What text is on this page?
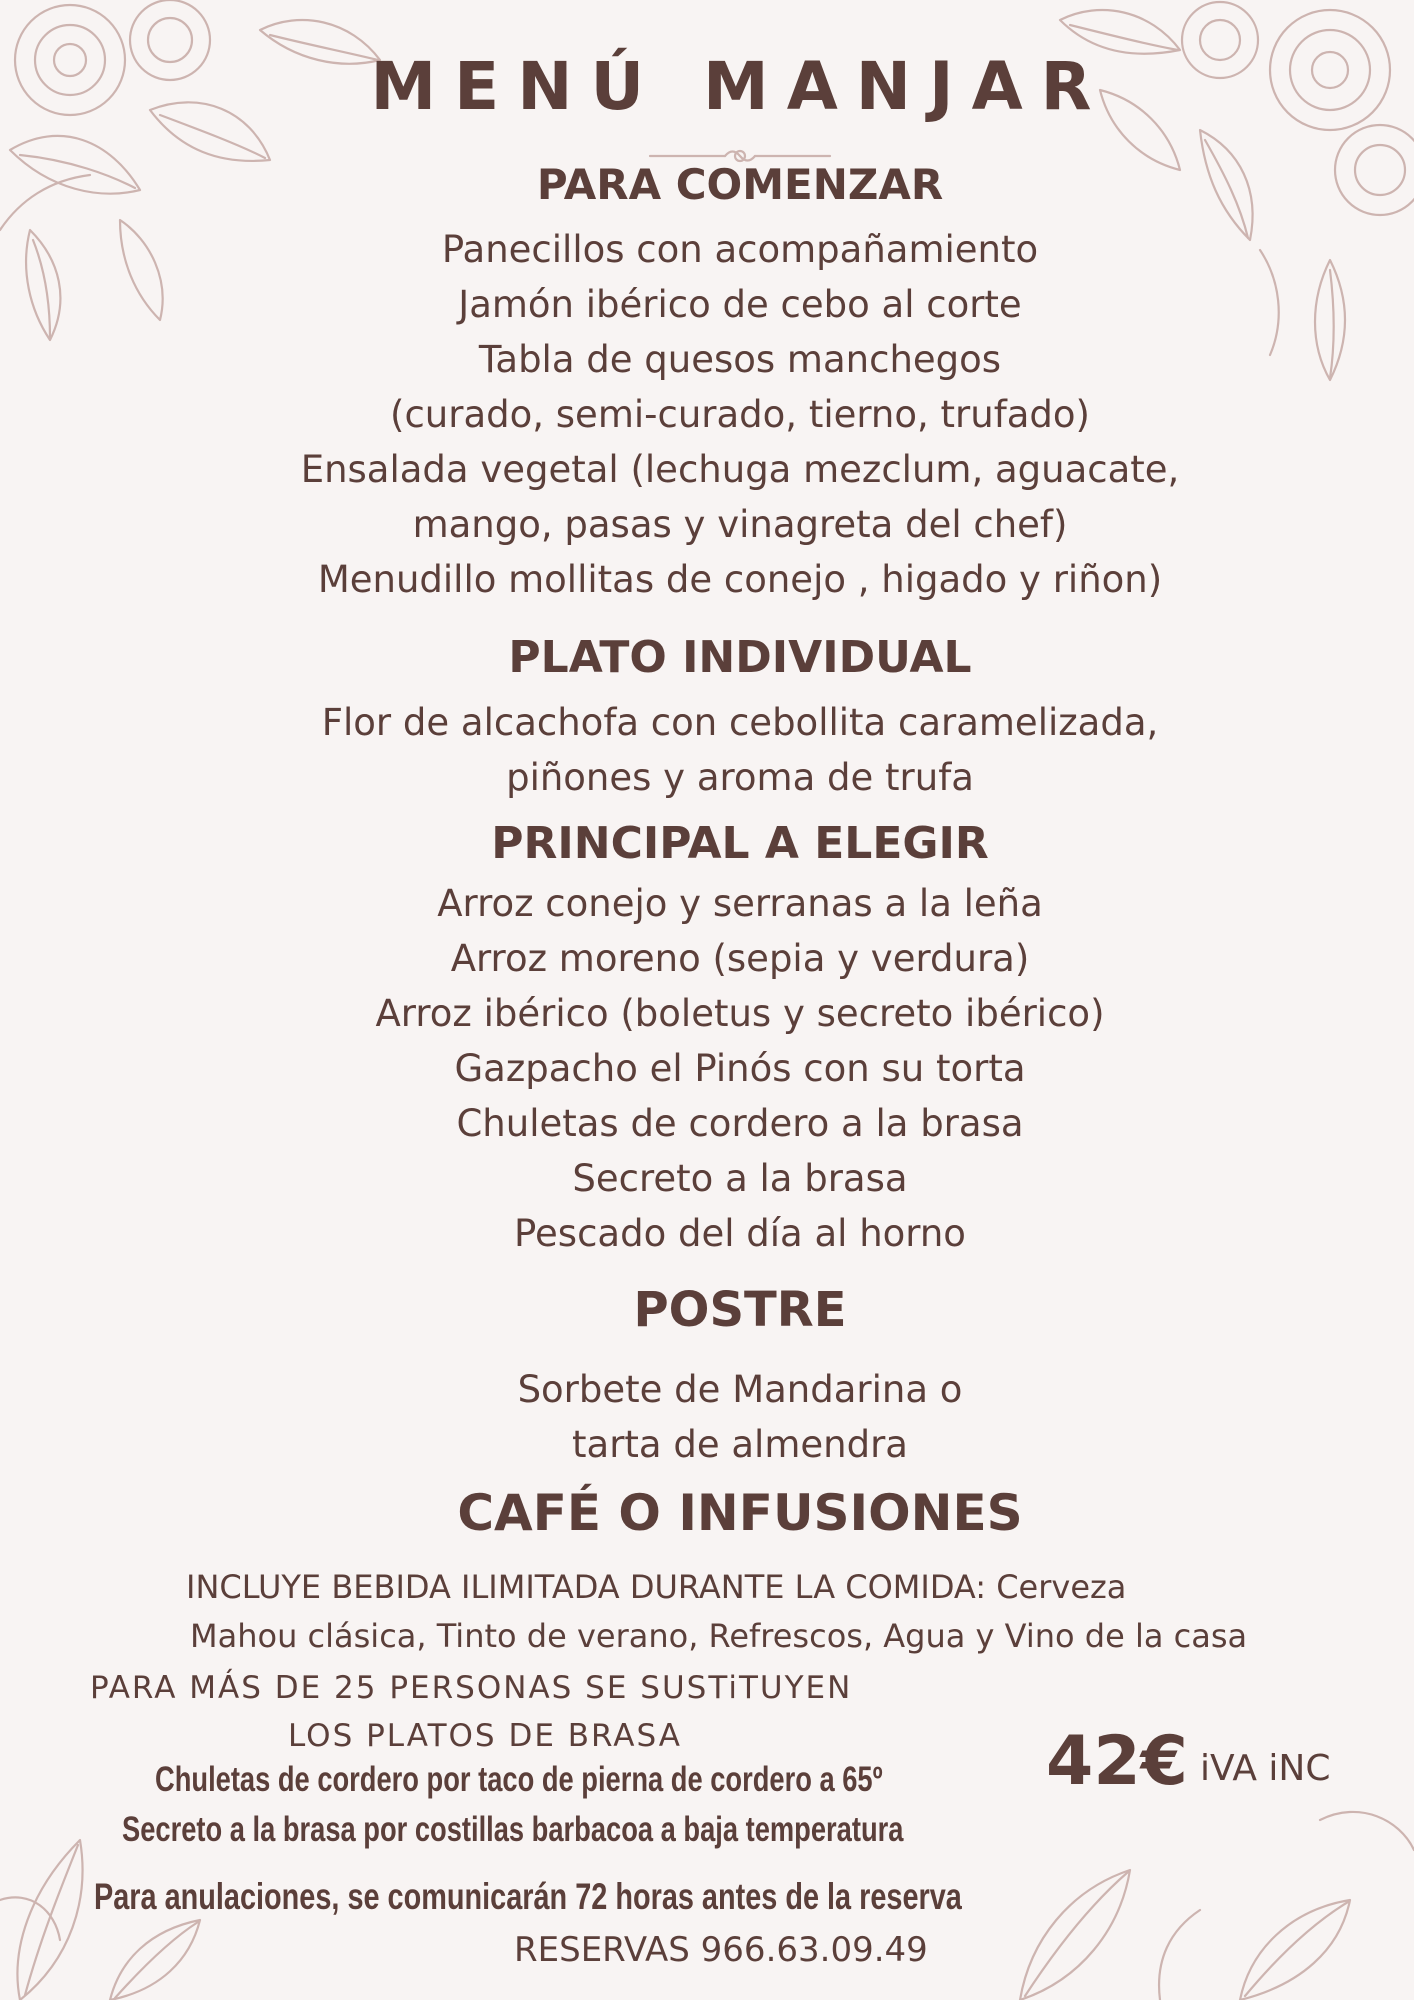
MENÚ MANJAR
PARA COMENZAR
Panecillos con acompañamiento
Jamón ibérico de cebo al corte
Tabla de quesos manchegos
(curado, semi-curado, tierno, trufado)
Ensalada vegetal (lechuga mezclum, aguacate,
mango, pasas y vinagreta del chef)
Menudillo mollitas de conejo , higado y riñon)
PLATO INDIVIDUAL
Flor de alcachofa con cebollita caramelizada,
piñones y aroma de trufa
PRINCIPAL A ELEGIR
Arroz conejo y serranas a la leña
Arroz moreno (sepia y verdura)
Arroz ibérico (boletus y secreto ibérico)
Gazpacho el Pinós con su torta
Chuletas de cordero a la brasa
Secreto a la brasa
Pescado del día al horno
POSTRE
Sorbete de Mandarina o
tarta de almendra
CAFÉ O INFUSIONES
INCLUYE BEBIDA ILIMITADA DURANTE LA COMIDA: Cerveza
Mahou clásica, Tinto de verano, Refrescos, Agua y Vino de la casa
PARA MÁS DE 25 PERSONAS SE SUSTiTUYEN
LOS PLATOS DE BRASA
Chuletas de cordero por taco de pierna de cordero a 65º
Secreto a la brasa por costillas barbacoa a baja temperatura
42€ iVA iNC
Para anulaciones, se comunicarán 72 horas antes de la reserva
RESERVAS 966.63.09.49
